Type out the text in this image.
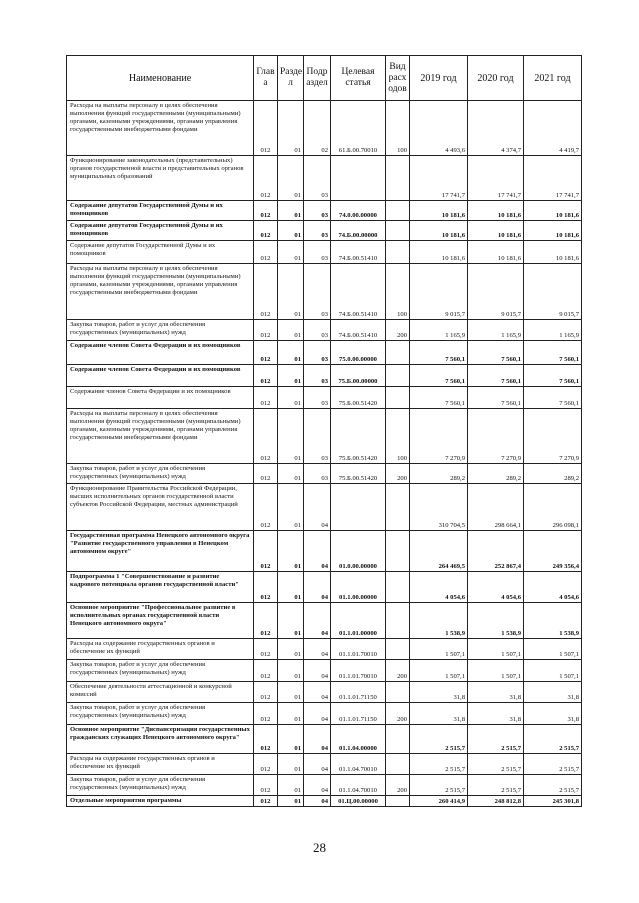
Наименование	Глав а	Разде л	Подр аздел	Целевая статья	Вид расх одов	2019 год	2020 год	2021 год
Расходы на выплаты персоналу в целях обеспечения выполнения функций государственными (муниципальными) органами, казенными учреждениями, органами управления государственными внебюджетными фондами	012	01	02	61.Б.00.70010	100	4 493,6	4 374,7	4 419,7
Функционирование законодательных (представительных) органов государственной власти и представительных органов муниципальных образований	012	01	03			17 741,7	17 741,7	17 741,7
Содержание депутатов Государственной Думы и их помощников	012	01	03	74.0.00.00000		10 181,6	10 181,6	10 181,6
Содержание депутатов Государственной Думы и их помощников	012	01	03	74.Б.00.00000		10 181,6	10 181,6	10 181,6
Содержание депутатов Государственной Думы и их помощников	012	01	03	74.Б.00.51410		10 181,6	10 181,6	10 181,6
Расходы на выплаты персоналу в целях обеспечения выполнения функций государственными (муниципальными) органами, казенными учреждениями, органами управления государственными внебюджетными фондами	012	01	03	74.Б.00.51410	100	9 015,7	9 015,7	9 015,7
Закупка товаров, работ и услуг для обеспечения государственных (муниципальных) нужд	012	01	03	74.Б.00.51410	200	1 165,9	1 165,9	1 165,9
Содержание членов Совета Федерации и их помощников	012	01	03	75.0.00.00000		7 560,1	7 560,1	7 560,1
Содержание членов Совета Федерации и их помощников	012	01	03	75.Б.00.00000		7 560,1	7 560,1	7 560,1
Содержание членов Совета Федерации и их помощников	012	01	03	75.Б.00.51420		7 560,1	7 560,1	7 560,1
Расходы на выплаты персоналу в целях обеспечения выполнения функций государственными (муниципальными) органами, казенными учреждениями, органами управления государственными внебюджетными фондами	012	01	03	75.Б.00.51420	100	7 270,9	7 270,9	7 270,9
Закупка товаров, работ и услуг для обеспечения государственных (муниципальных) нужд	012	01	03	75.Б.00.51420	200	289,2	289,2	289,2
Функционирование Правительства Российской Федерации, высших исполнительных органов государственной власти субъектов Российской Федерации, местных администраций	012	01	04			310 704,5	298 664,1	296 098,1
Государственная программа Ненецкого автономного округа "Развитие государственного управления в Ненецком автономном округе"	012	01	04	01.0.00.00000		264 469,5	252 867,4	249 356,4
Подпрограмма 1 "Совершенствование и развитие кадрового потенциала органов государственной власти"	012	01	04	01.1.00.00000		4 054,6	4 054,6	4 054,6
Основное мероприятие "Профессиональное развитие в исполнительных органах государственной власти Ненецкого автономного округа"	012	01	04	01.1.01.00000		1 538,9	1 538,9	1 538,9
Расходы на содержание государственных органов и обеспечение их функций	012	01	04	01.1.01.70010		1 507,1	1 507,1	1 507,1
Закупка товаров, работ и услуг для обеспечения государственных (муниципальных) нужд	012	01	04	01.1.01.70010	200	1 507,1	1 507,1	1 507,1
Обеспечение деятельности аттестационной и конкурсной комиссий	012	01	04	01.1.01.71150		31,8	31,8	31,8
Закупка товаров, работ и услуг для обеспечения государственных (муниципальных) нужд	012	01	04	01.1.01.71150	200	31,8	31,8	31,8
Основное мероприятие "Диспансеризация государственных гражданских служащих Ненецкого автономного округа"	012	01	04	01.1.04.00000		2 515,7	2 515,7	2 515,7
Расходы на содержание государственных органов и обеспечение их функций	012	01	04	01.1.04.70010		2 515,7	2 515,7	2 515,7
Закупка товаров, работ и услуг для обеспечения государственных (муниципальных) нужд	012	01	04	01.1.04.70010	200	2 515,7	2 515,7	2 515,7
Отдельные мероприятия программы	012	01	04	01.Ц.00.00000		260 414,9	248 812,8	245 301,8
28
